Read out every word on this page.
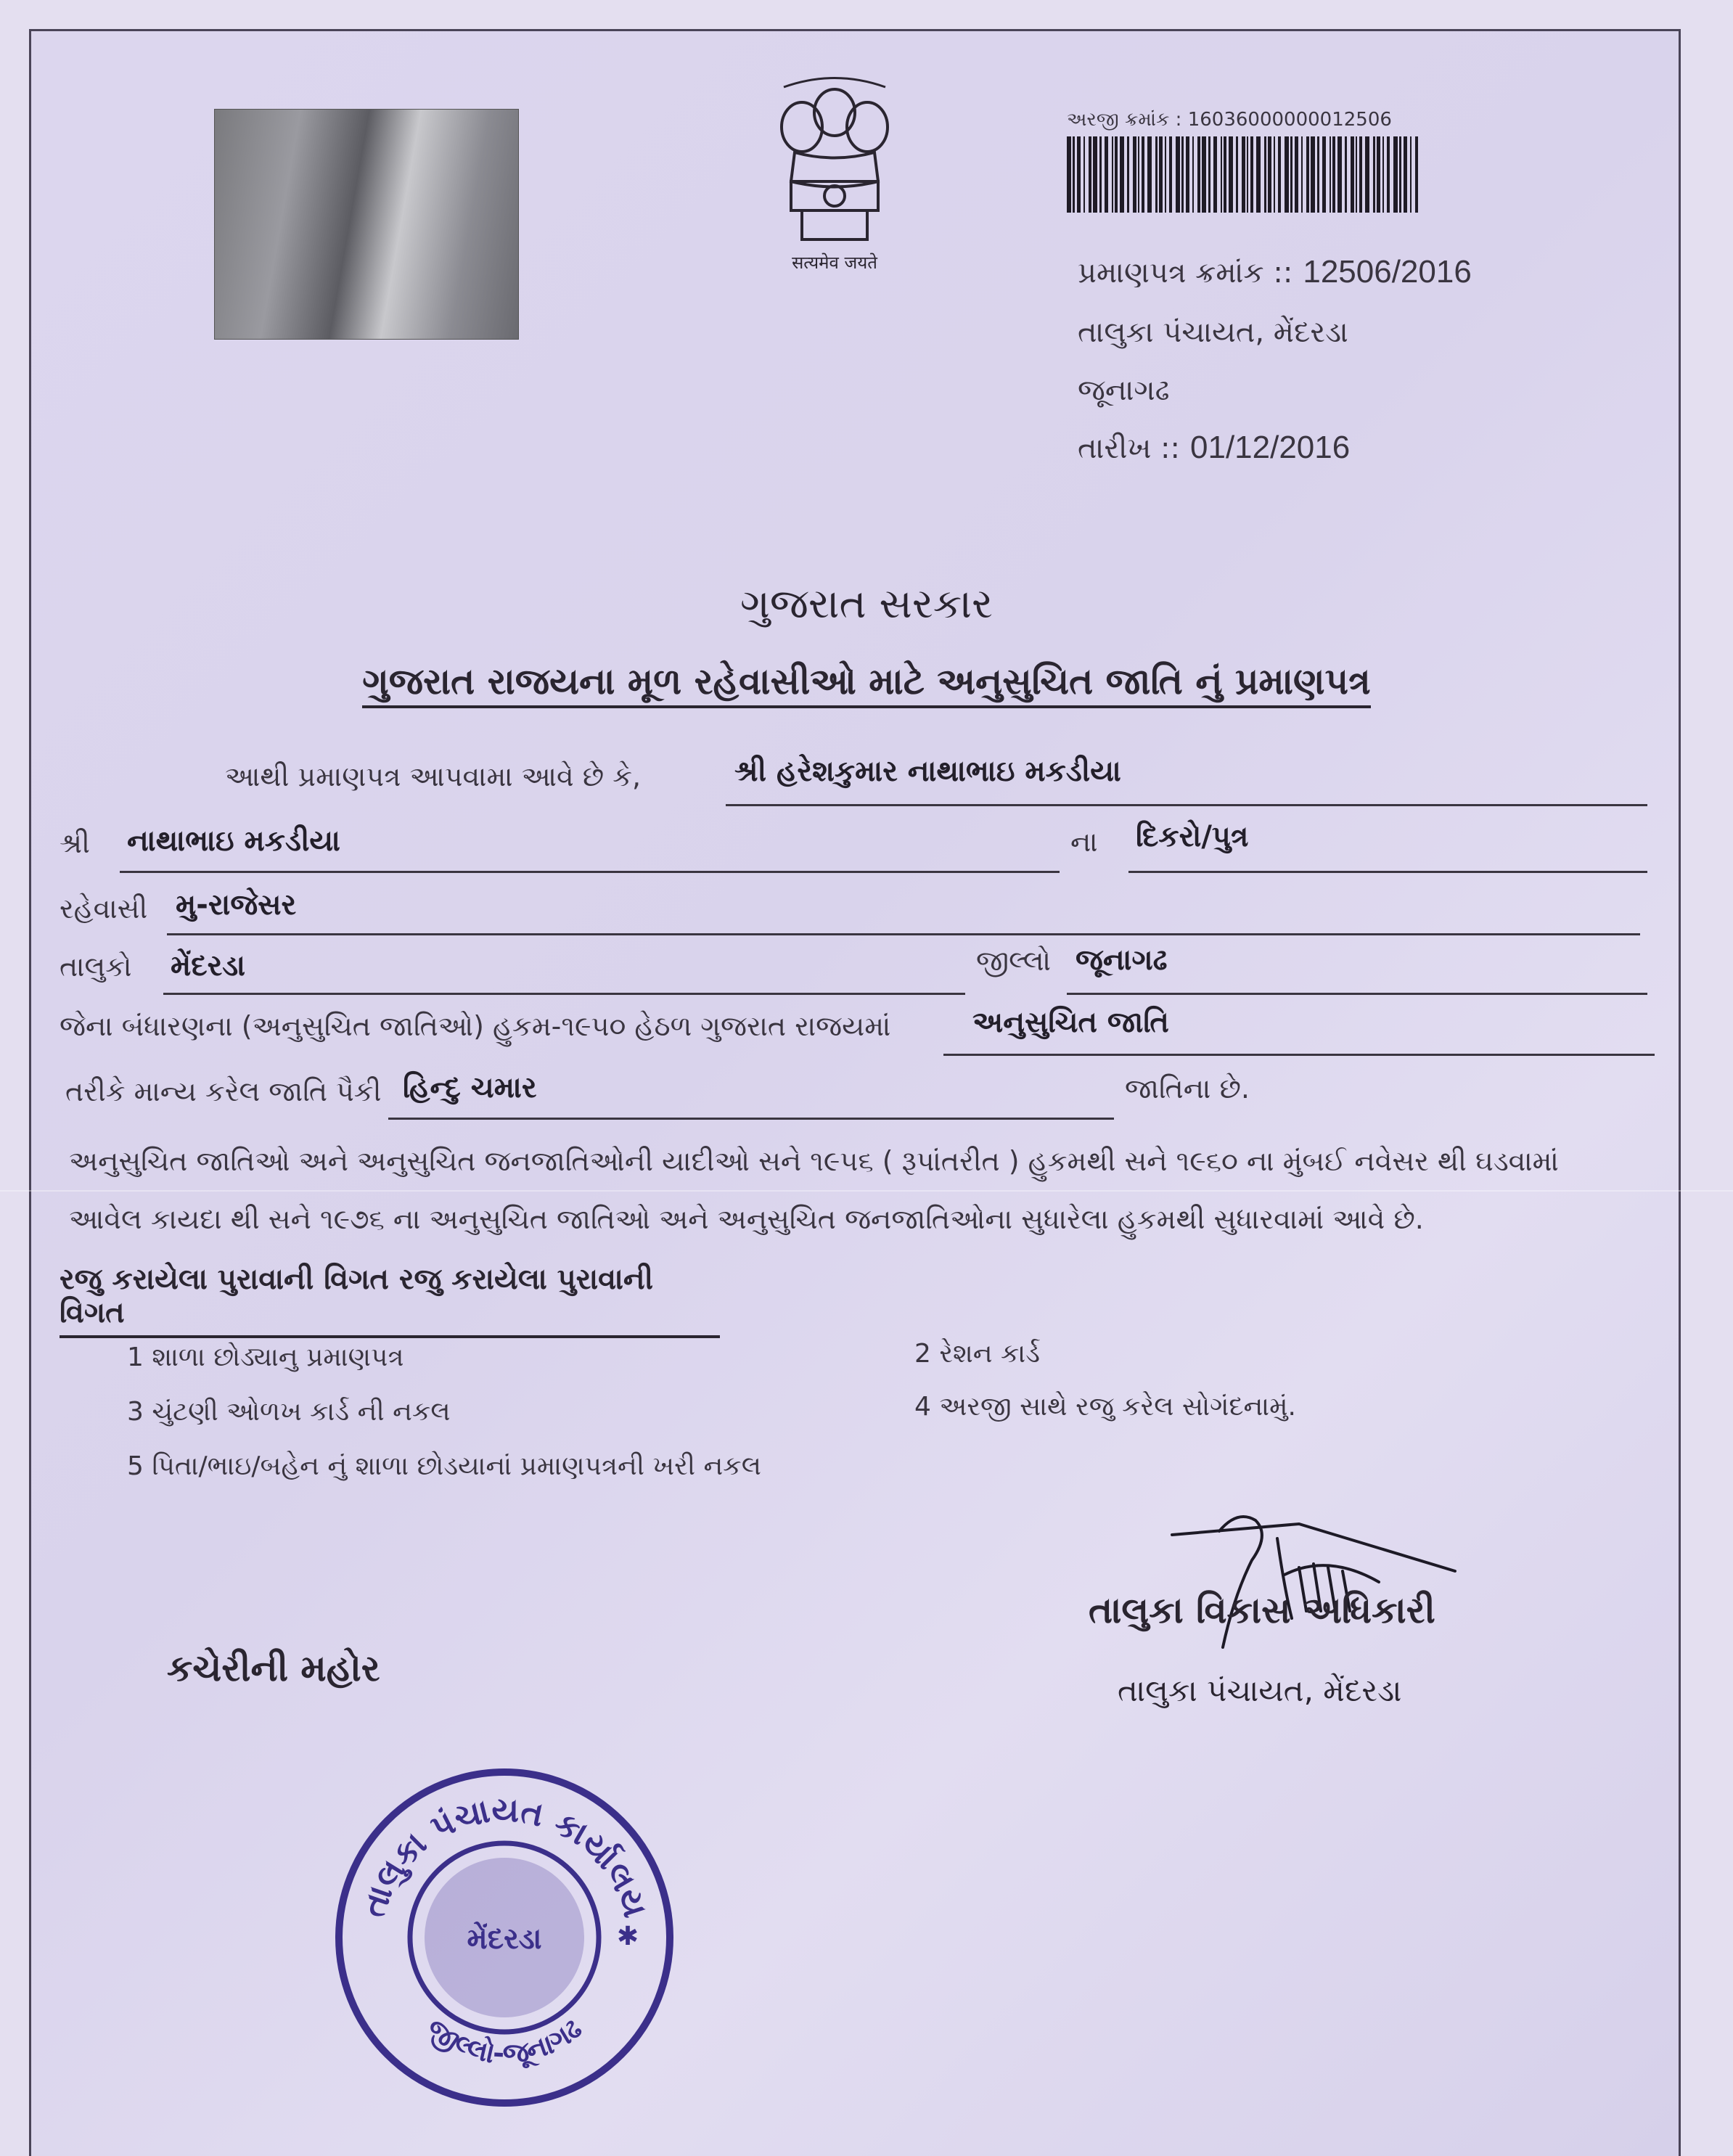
सत्यमेव जयते
અરજી ક્રમાંક : 16036000000012506
પ્રમાણપત્ર ક્રમાંક :: 12506/2016
તાલુકા પંચાયત, મેંદરડા
જૂનાગઢ
તારીખ :: 01/12/2016
ગુજરાત સરકાર
ગુજરાત રાજયના મૂળ રહેવાસીઓ માટે અનુસુચિત જાતિ નું પ્રમાણપત્ર
આથી પ્રમાણપત્ર આપવામા આવે છે કે,	શ્રી હરેશકુમાર નાથાભાઇ મકડીયા
શ્રી નાથાભાઇ મકડીયા	ના દિકરો/પુત્ર
રહેવાસી મુ-રાજેસર
તાલુકો મેંદરડા	જીલ્લો જૂનાગઢ
જેના બંધારણના (અનુસુચિત જાતિઓ) હુકમ-૧૯૫૦ હેઠળ ગુજરાત રાજયમાં	અનુસુચિત જાતિ
તરીકે માન્ય કરેલ જાતિ પૈકી હિન્દુ ચમાર	જાતિના છે.
અનુસુચિત જાતિઓ અને અનુસુચિત જનજાતિઓની યાદીઓ સને ૧૯૫૬ ( રૂપાંતરીત ) હુકમથી સને ૧૯૬૦ ના મુંબઈ નવેસર થી ઘડવામાં
આવેલ કાયદા થી સને ૧૯૭૬ ના અનુસુચિત જાતિઓ અને અનુસુચિત જનજાતિઓના સુધારેલા હુકમથી સુધારવામાં આવે છે.
રજુ કરાયેલા પુરાવાની વિગત રજુ કરાયેલા પુરાવાની વિગત
1 શાળા છોડ્યાનુ પ્રમાણપત્ર	2 રેશન કાર્ડ
3 ચુંટણી ઓળખ કાર્ડ ની નકલ	4 અરજી સાથે રજુ કરેલ સોગંદનામું.
5 પિતા/ભાઇ/બહેન નું શાળા છોડયાનાં પ્રમાણપત્રની ખરી નકલ
તાલુકા વિકાસ અધિકારી
તાલુકા પંચાયત, મેંદરડા
કચેરીની મહોર
તાલુકા પંચાયત કાર્યાલય
જીલ્લો-જૂનાગઢ
મેંદરડા	✱
